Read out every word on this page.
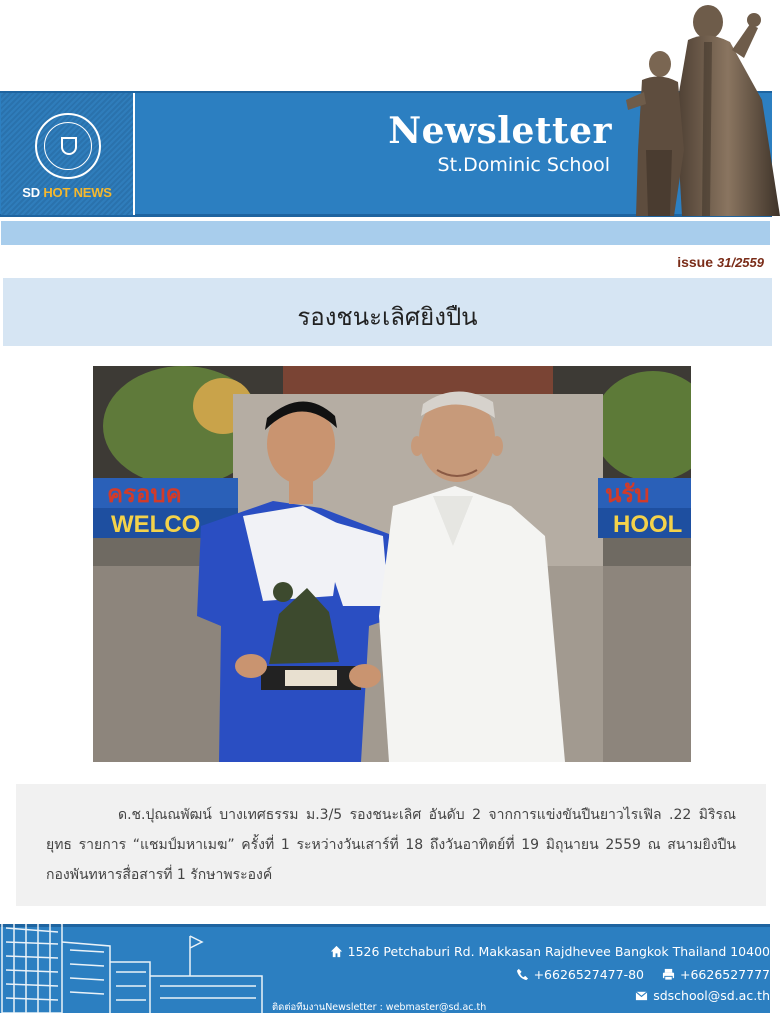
SD HOT NEWS
Newsletter
St.Dominic School
issue 31/2559
รองชนะเลิศยิงปืน
ครอบค
WELCO
นรับ
HOOL

ด.ช.ปุณณพัฒน์ บางเทศธรรม ม.3/5 รองชนะเลิศ อันดับ 2 จากการแข่งขันปืนยาวไรเฟิล .22 มิริรณยุทธ รายการ “แชมป์มหาเมฆ” ครั้งที่ 1 ระหว่างวันเสาร์ที่ 18 ถึงวันอาทิตย์ที่ 19 มิถุนายน 2559 ณ สนามยิงปืน กองพันทหารสื่อสารที่ 1 รักษาพระองค์

1526 Petchaburi Rd. Makkasan Rajdhevee Bangkok Thailand 10400
+6626527477-80	+6626527777
sdschool@sd.ac.th
ติดต่อทีมงานNewsletter : webmaster@sd.ac.th
